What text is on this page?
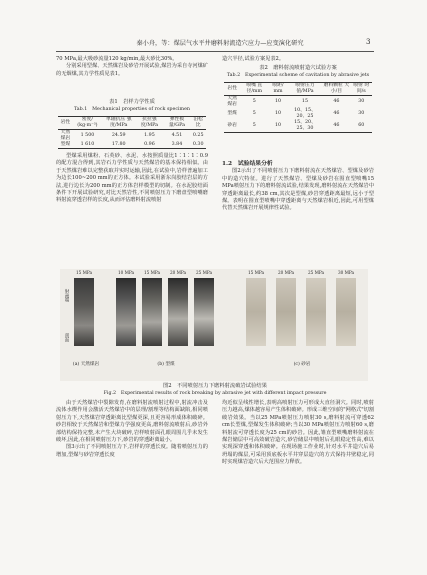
秦小舟，等：煤层气水平井磨料射流造穴应力—应变演化研究	3

70 MPa,最大吸砂流量120 kg/min,最大砂比30%。

分别采用型煤、天然煤岩及砂岩开展试验,煤岩为采自寺河煤矿的无烟煤,其力学性质见表1。

表1　岩样力学性质
Tab.1　Mechanical properties of rock specimen
岩性	密度/ (kg·m⁻³)	单轴抗压 强度/MPa	抗拉强 度/MPa	弹性模 量/GPa	泊松 比
天然煤岩	1 500	24.59	1.95	4.51	0.25
型煤	1 610	17.80	0.96	3.84	0.30

型煤采用煤粉、石英砂、水泥、水按照质量比1∶1∶1∶0.9的配方混合得到,其岩石力学性质与天然煤岩的基本保持相似。由于天然煤岩难以完整获取并实时运输,因此,在试验中,岩样普遍加工为边长100~200 mm的正方体。本试验采用浙东岗胶结岩层的方法,进行边长为200 mm的正方体岩样模型的切制。在水泥胶结面条件下开展试验研究,对比天然岩性,不同喷射压力下磨盘型喷嘴磨料射流穿透岩样的长度,从而评估磨料射流喷射

造穴半径,试验方案见表2。

表2　磨料射流喷射造穴试验方案
Tab.2　Experimental scheme of cavitation by abrasive jets
岩性	喷嘴 直径/mm	喷距/ mm	喷射压力 值/MPa	磨料颗粒 大小/目	喷射 时间/s
天然煤岩	5	10	15	46	30
型煤	5	10	10、15、 20、25	46	30
砂岩	5	10	15、20、 25、30	46	60

1.2　试验结果分析

图2示出了不同喷射压力下磨料射流在天然煤岩、型煤及砂岩中的造穴特征。进行了天然煤岩、型煤及砂岩在围直型喷嘴15 MPa喷射压力下的磨料射流试验,结果发现,磨料射流在天然煤岩中穿透距离最长,约38 cm,其次是型煤,砂岩穿透距离最短,远小于型煤。表明在围直型喷嘴中穿透距离与天然煤岩相近,因此,可用型煤代替天然煤岩开展规律性试验。

射流端
剖面
15 MPa	10 MPa	15 MPa	20 MPa	25 MPa	15 MPa	20 MPa	25 MPa	30 MPa
(a) 天然煤岩	(b) 型煤	(c) 砂岩
图2　不同喷射压力下磨料射流破岩试验结果
Fig.2　Experimental results of rock breaking by abrasive jet with different impact pressure

由于天然煤岩中裂隙发育,在磨料射流喷射过程中,射流冲击及流体水楔作用会激活天然煤岩中的层理/割理等结构面缺陷,相同喷射压力下,天然煤岩穿透距离比型煤更深,且更容易形成体积破碎。砂岩相较于天然煤岩和型煤力学强度更高,磨料射流喷射后,砂岩外部结构保持完整,未产生大块破碎,岩样喷射面孔眼周围几乎未发生破坏,因此,在相同喷射压力下,砂岩的穿透距离最小。

图3示出了不同喷射压力下,岩样的穿透长度。随着喷射压力的增加,型煤与砂岩穿透长度

均近似呈线性增长,表明高喷射压力可形成大直径洞穴。同时,喷射压力越高,煤体越容易产生体积破碎。形成三维空间的"网格式"切割破岩效果。当以25 MPa喷射压力喷射30 s,磨料射流可穿透62 cm长型煤,型煤发生体积破碎;当以30 MPa喷射压力喷射60 s,磨料射流可穿透长度为25 cm的砂岩。因此,雏直型喷嘴磨料射流在煤岩储层中可高效破岩造穴,砂岩储层中喷射后孔眼稳定性高,难以实现深穿透和体积破碎。在现场施工作业时,针对水平井造穴后易坍塌的煤层,可采用顶底板水平井穿层造穴的方式保持井壁稳定,同时实现煤岩造穴后大范围应力释放。
